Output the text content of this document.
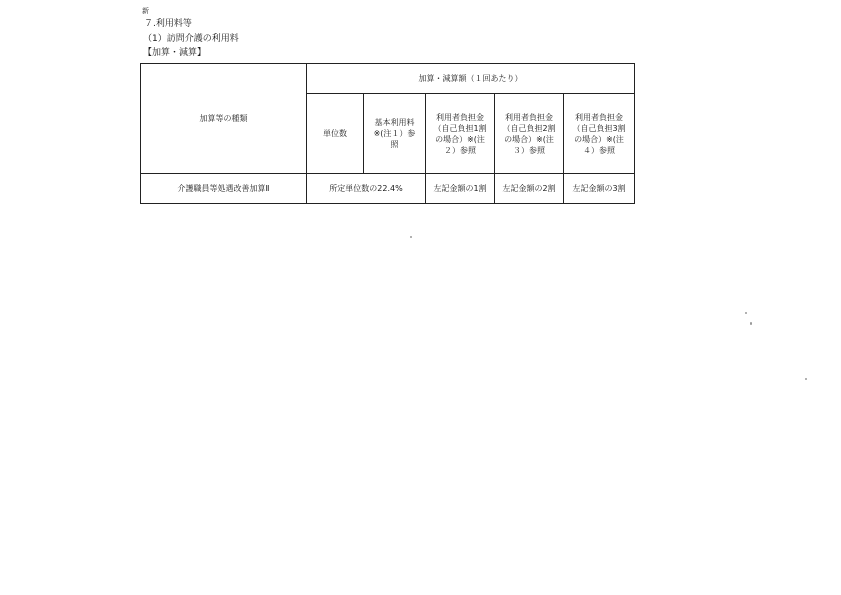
新
７.利用料等
（1）訪問介護の利用料
【加算・減算】
加算等の種類	加算・減算額（１回あたり）				
	単位数	基本利用料
※(注１）参
照	利用者負担金
（自己負担1割
の場合）※(注
２）参照	利用者負担金
（自己負担2割
の場合）※(注
３）参照	利用者負担金
（自己負担3割
の場合）※(注
４）参照
介護職員等処遇改善加算Ⅱ	所定単位数の22.4%		左記金額の1割	左記金額の2割	左記金額の3割
